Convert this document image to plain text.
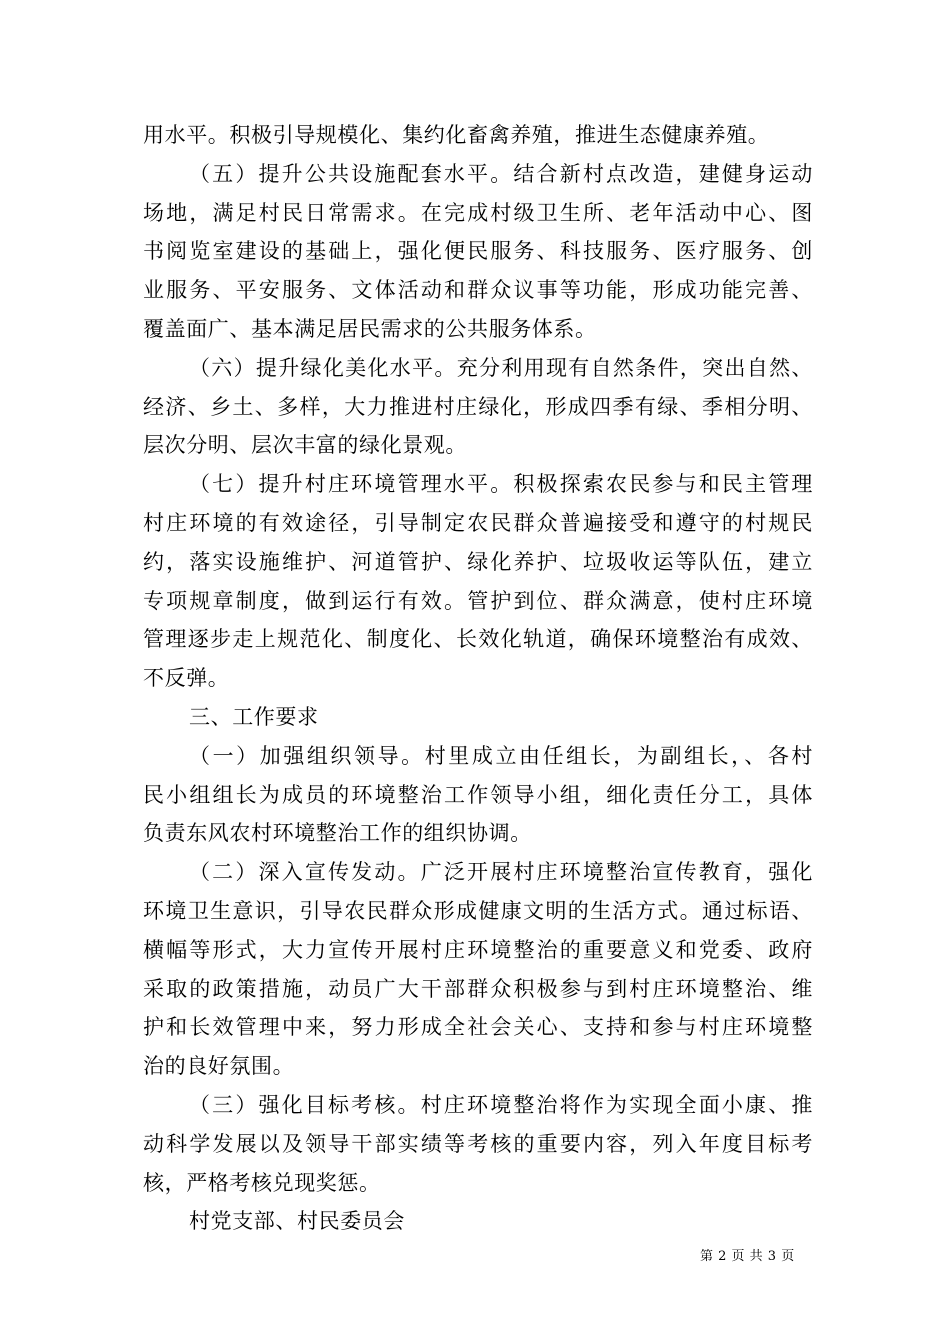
用水平。积极引导规模化、集约化畜禽养殖，推进生态健康养殖。
（五）提升公共设施配套水平。结合新村点改造，建健身运动
场地，满足村民日常需求。在完成村级卫生所、老年活动中心、图
书阅览室建设的基础上，强化便民服务、科技服务、医疗服务、创
业服务、平安服务、文体活动和群众议事等功能，形成功能完善、
覆盖面广、基本满足居民需求的公共服务体系。
（六）提升绿化美化水平。充分利用现有自然条件，突出自然、
经济、乡土、多样，大力推进村庄绿化，形成四季有绿、季相分明、
层次分明、层次丰富的绿化景观。
（七）提升村庄环境管理水平。积极探索农民参与和民主管理
村庄环境的有效途径，引导制定农民群众普遍接受和遵守的村规民
约，落实设施维护、河道管护、绿化养护、垃圾收运等队伍，建立
专项规章制度，做到运行有效。管护到位、群众满意，使村庄环境
管理逐步走上规范化、制度化、长效化轨道，确保环境整治有成效、
不反弹。
三、工作要求
（一）加强组织领导。村里成立由任组长，为副组长，、各村
民小组组长为成员的环境整治工作领导小组，细化责任分工，具体
负责东风农村环境整治工作的组织协调。
（二）深入宣传发动。广泛开展村庄环境整治宣传教育，强化
环境卫生意识，引导农民群众形成健康文明的生活方式。通过标语、
横幅等形式，大力宣传开展村庄环境整治的重要意义和党委、政府
采取的政策措施，动员广大干部群众积极参与到村庄环境整治、维
护和长效管理中来，努力形成全社会关心、支持和参与村庄环境整
治的良好氛围。
（三）强化目标考核。村庄环境整治将作为实现全面小康、推
动科学发展以及领导干部实绩等考核的重要内容，列入年度目标考
核，严格考核兑现奖惩。
村党支部、村民委员会
第 2 页 共 3 页
